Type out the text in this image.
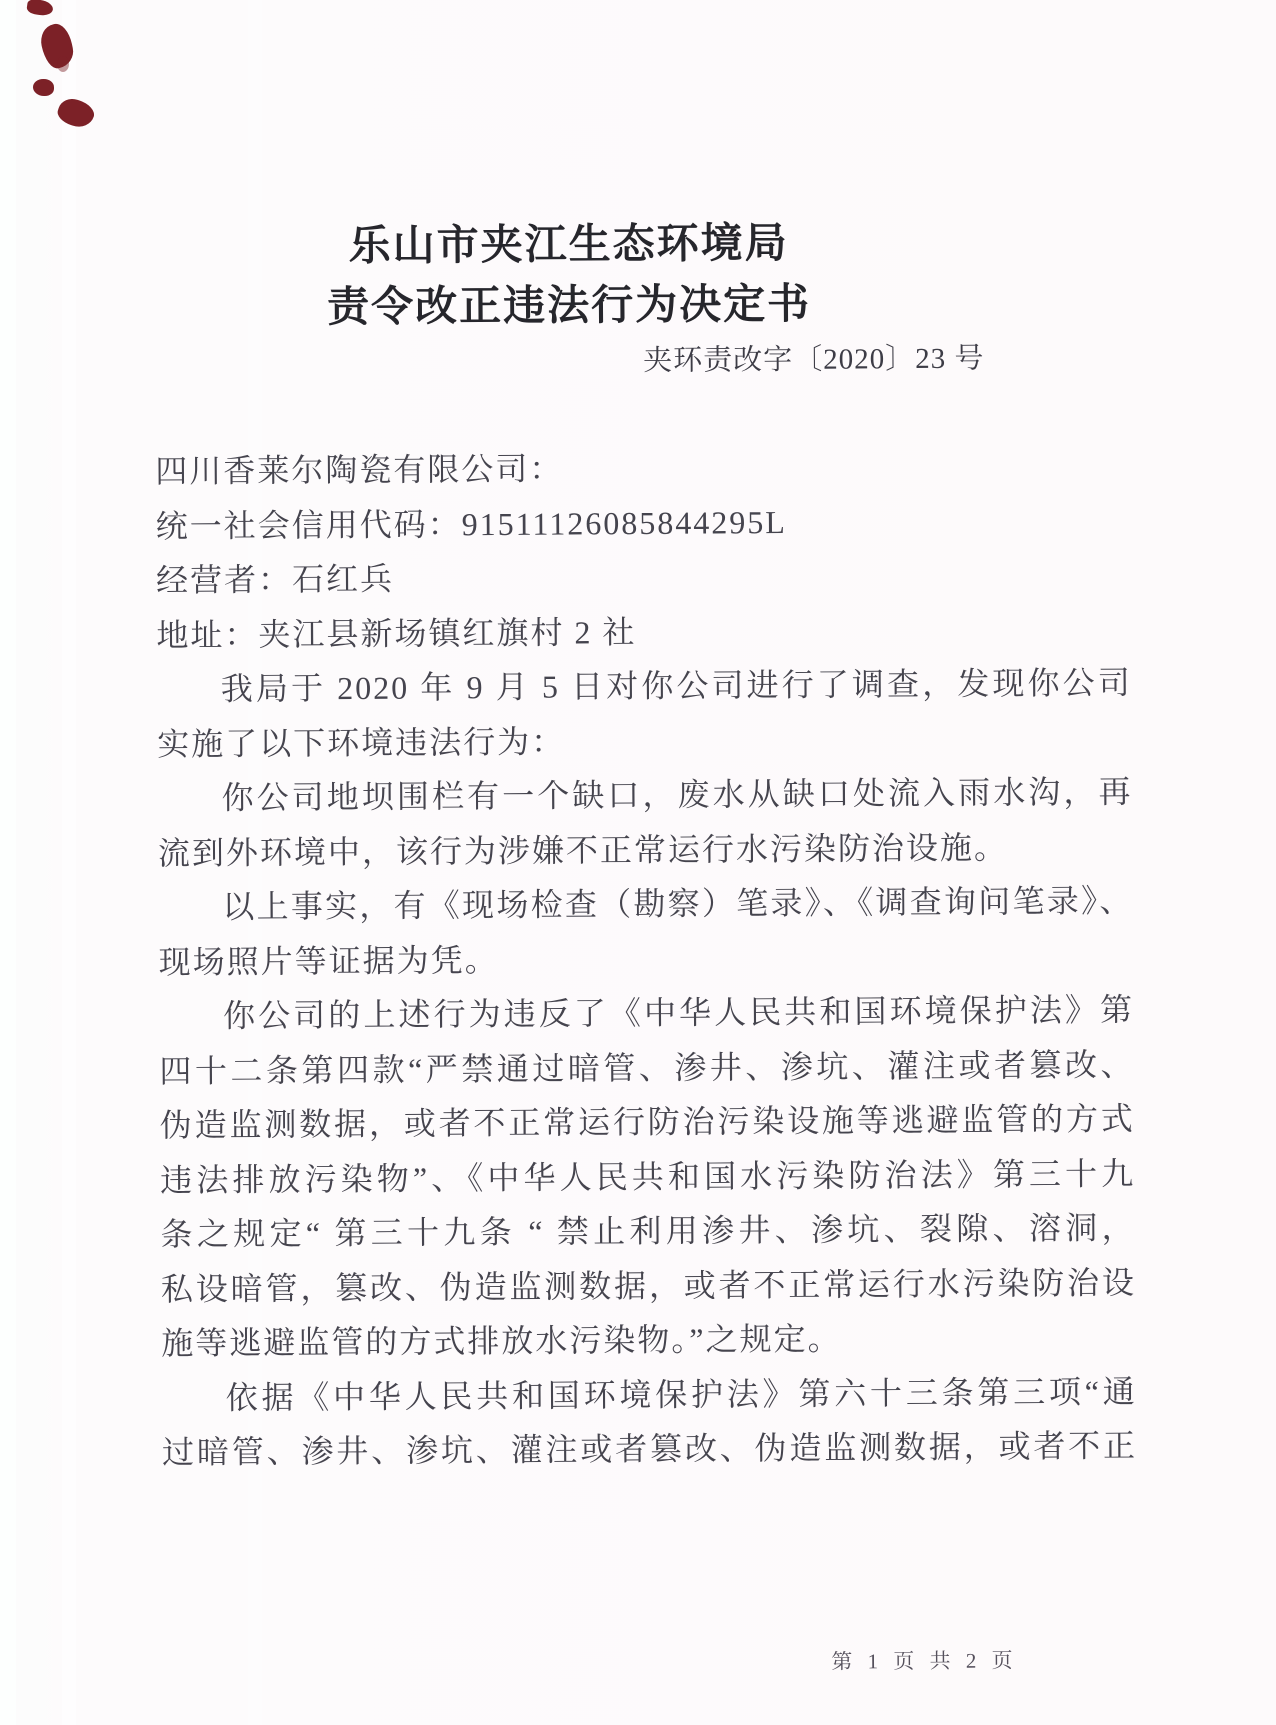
乐山市夹江生态环境局
责令改正违法行为决定书
夹环责改字〔2020〕23 号
四川香莱尔陶瓷有限公司：
统一社会信用代码：91511126085844295L
经营者：石红兵
地址：夹江县新场镇红旗村 2 社
我局于 2020 年 9 月 5 日对你公司进行了调查，发现你公司
实施了以下环境违法行为：
你公司地坝围栏有一个缺口，废水从缺口处流入雨水沟，再
流到外环境中，该行为涉嫌不正常运行水污染防治设施。
以上事实，有《现场检查（勘察）笔录》、《调查询问笔录》、
现场照片等证据为凭。
你公司的上述行为违反了《中华人民共和国环境保护法》第
四十二条第四款“严禁通过暗管、渗井、渗坑、灌注或者篡改、
伪造监测数据，或者不正常运行防治污染设施等逃避监管的方式
违法排放污染物”、《中华人民共和国水污染防治法》第三十九
条之规定“ 第三十九条 “ 禁止利用渗井、渗坑、裂隙、溶洞，
私设暗管，篡改、伪造监测数据，或者不正常运行水污染防治设
施等逃避监管的方式排放水污染物。”之规定。
依据《中华人民共和国环境保护法》第六十三条第三项“通
过暗管、渗井、渗坑、灌注或者篡改、伪造监测数据，或者不正
第 1 页 共 2 页
